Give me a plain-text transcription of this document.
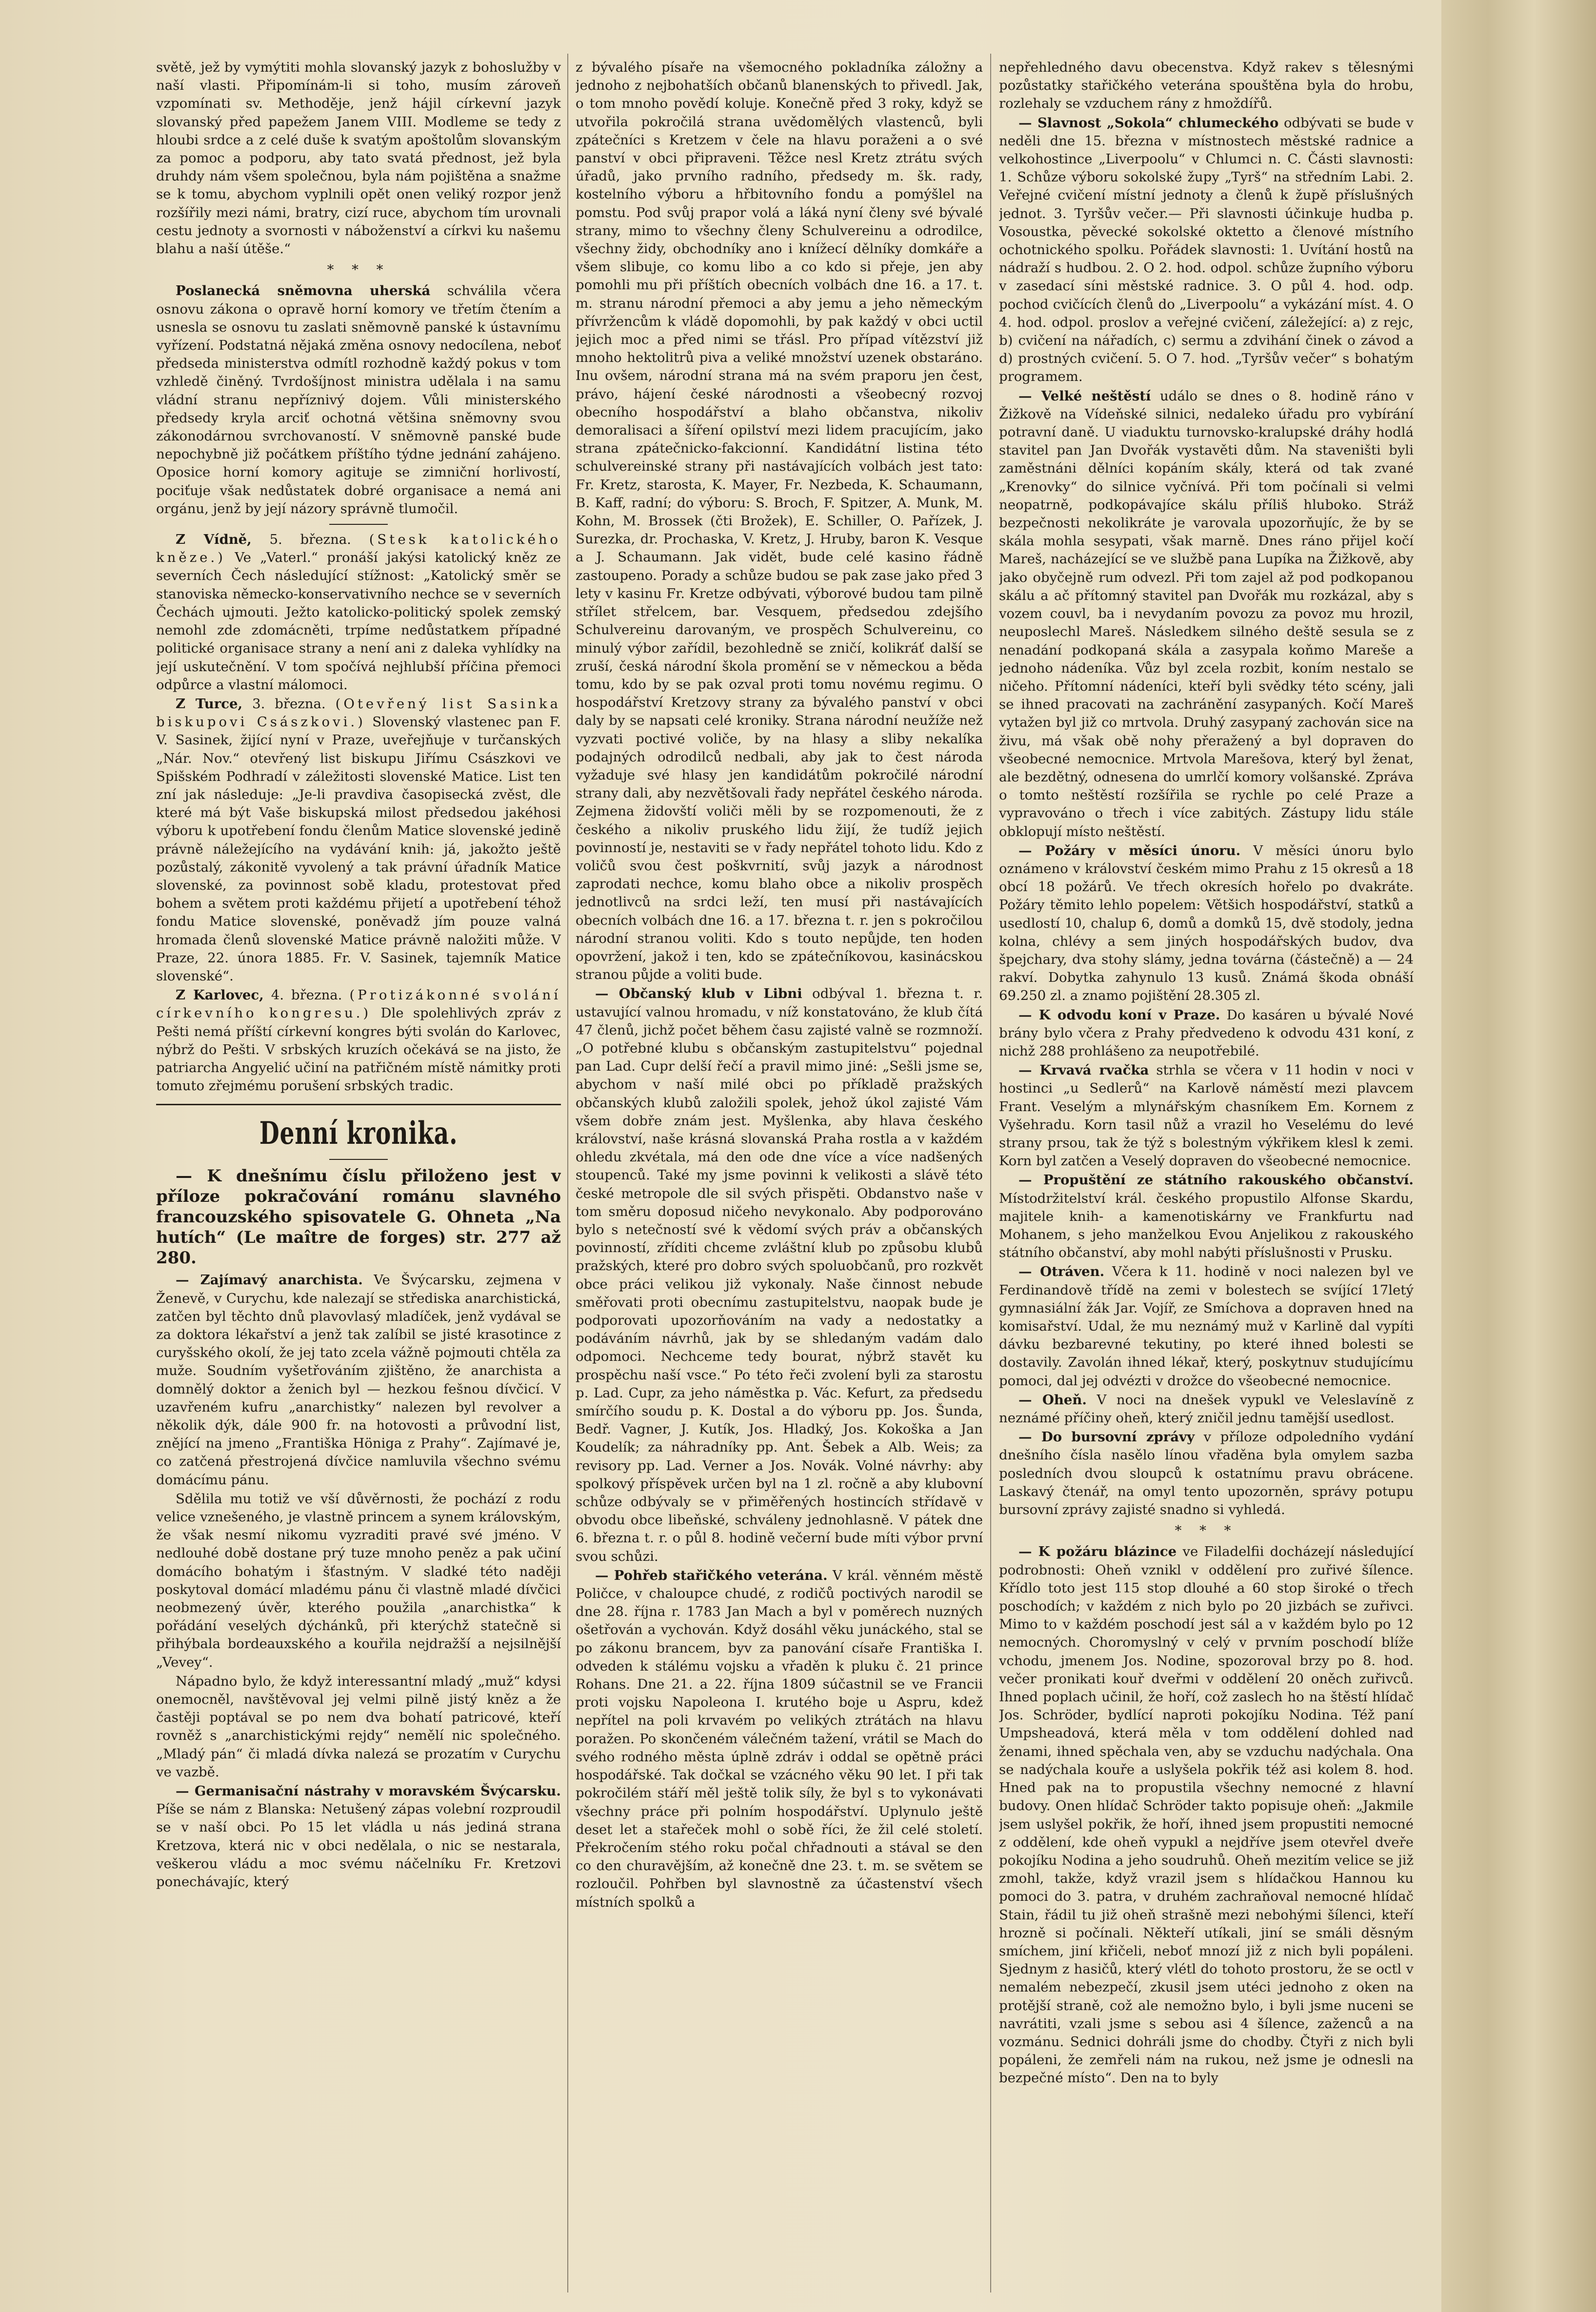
světě, jež by vymýtiti mohla slovanský jazyk z bohoslužby v naší vlasti. Připomínám-li si toho, musím zároveň vzpomínati sv. Methoděje, jenž hájil církevní jazyk slovanský před papežem Janem VIII. Modleme se tedy z hloubi srdce a z celé duše k svatým apoštolům slovanským za pomoc a podporu, aby tato svatá přednost, jež byla druhdy nám všem společnou, byla nám pojištěna a snažme se k tomu, abychom vyplnili opět onen veliký rozpor jenž rozšířily mezi námi, bratry, cizí ruce, abychom tím urovnali cestu jednoty a svornosti v náboženství a církvi ku našemu blahu a naší útěše.“

* * *

Poslanecká sněmovna uherská schválila včera osnovu zákona o opravě horní komory ve třetím čtením a usnesla se osnovu tu zaslati sněmovně panské k ústavnímu vyřízení. Podstatná nějaká změna osnovy nedocílena, neboť předseda ministerstva odmítl rozhodně každý pokus v tom vzhledě činěný. Tvrdošíjnost ministra udělala i na samu vládní stranu nepříznivý dojem. Vůli ministerského předsedy kryla arciť ochotná většina sněmovny svou zákonodárnou svrchovaností. V sněmovně panské bude nepochybně již počátkem příštího týdne jednání zahájeno. Oposice horní komory agituje se zimniční horlivostí, pociťuje však nedůstatek dobré organisace a nemá ani orgánu, jenž by její názory správně tlumočil.

Z Vídně, 5. března. (Stesk katolického kněze.) Ve „Vaterl.“ pronáší jakýsi katolický kněz ze severních Čech následující stížnost: „Katolický směr se stanoviska německo-konservativního nechce se v severních Čechách ujmouti. Ježto katolicko-politický spolek zemský nemohl zde zdomácněti, trpíme nedůstatkem případné politické organisace strany a není ani z daleka vyhlídky na její uskutečnění. V tom spočívá nejhlubší příčina přemoci odpůrce a vlastní málomoci.

Z Turce, 3. března. (Otevřený list Sasinka biskupovi Császkovi.) Slovenský vlastenec pan F. V. Sasinek, žijící nyní v Praze, uveřejňuje v turčanských „Nár. Nov.“ otevřený list biskupu Jiřímu Császkovi ve Spišském Podhradí v záležitosti slovenské Matice. List ten zní jak následuje: „Je-li pravdiva časopisecká zvěst, dle které má být Vaše biskupská milost předsedou jakéhosi výboru k upotřebení fondu členům Matice slovenské jedině právně náležejícího na vydávání knih: já, jakožto ještě pozůstalý, zákonitě vyvolený a tak právní úřadník Matice slovenské, za povinnost sobě kladu, protestovat před bohem a světem proti každému přijetí a upotřebení téhož fondu Matice slovenské, poněvadž jím pouze valná hromada členů slovenské Matice právně naložiti může. V Praze, 22. února 1885. Fr. V. Sasinek, tajemník Matice slovenské“.

Z Karlovec, 4. března. (Protizákonné svolání církevního kongresu.) Dle spolehlivých zpráv z Pešti nemá příští církevní kongres býti svolán do Karlovec, nýbrž do Pešti. V srbských kruzích očekává se na jisto, že patriarcha Angyelić učiní na patřičném místě námitky proti tomuto zřejmému porušení srbských tradic.

Denní kronika.

— K dnešnímu číslu přiloženo jest v příloze pokračování románu slavného francouzského spisovatele G. Ohneta „Na hutích“ (Le maître de forges) str. 277 až 280.

— Zajímavý anarchista. Ve Švýcarsku, zejmena v Ženevě, v Curychu, kde nalezají se střediska anarchistická, zatčen byl těchto dnů plavovlasý mladíček, jenž vydával se za doktora lékařství a jenž tak zalíbil se jisté krasotince z curyšského okolí, že jej tato zcela vážně pojmouti chtěla za muže. Soudním vyšetřováním zjištěno, že anarchista a domnělý doktor a ženich byl — hezkou fešnou dívčicí. V uzavřeném kufru „anarchistky“ nalezen byl revolver a několik dýk, dále 900 fr. na hotovosti a průvodní list, znějící na jmeno „Františka Höniga z Prahy“. Zajímavé je, co zatčená přestrojená dívčice namluvila všechno svému domácímu pánu.

Sdělila mu totiž ve vší důvěrnosti, že pochází z rodu velice vznešeného, je vlastně princem a synem královským, že však nesmí nikomu vyzraditi pravé své jméno. V nedlouhé době dostane prý tuze mnoho peněz a pak učiní domácího bohatým i šťastným. V sladké této naději poskytoval domácí mladému pánu či vlastně mladé dívčici neobmezený úvěr, kterého použila „anarchistka“ k pořádání veselých dýchánků, při kterýchž statečně si přihýbala bordeauxského a kouřila nejdražší a nejsilnější „Vevey“.

Nápadno bylo, že když interessantní mladý „muž“ kdysi onemocněl, navštěvoval jej velmi pilně jistý kněz a že častěji poptával se po nem dva bohatí patricové, kteří rovněž s „anarchistickými rejdy“ nemělí nic společného. „Mladý pán“ či mladá dívka nalezá se prozatím v Curychu ve vazbě.

— Germanisační nástrahy v moravském Švýcarsku. Píše se nám z Blanska: Netušený zápas volební rozproudil se v naší obci. Po 15 let vládla u nás jediná strana Kretzova, která nic v obci nedělala, o nic se nestarala, veškerou vládu a moc svému náčelníku Fr. Kretzovi ponechávajíc, který

z bývalého písaře na všemocného pokladníka záložny a jednoho z nejbohatších občanů blanenských to přivedl. Jak, o tom mnoho povědí koluje. Konečně před 3 roky, když se utvořila pokročilá strana uvědomělých vlastenců, byli zpátečníci s Kretzem v čele na hlavu poraženi a o své panství v obci připraveni. Těžce nesl Kretz ztrátu svých úřadů, jako prvního radního, předsedy m. šk. rady, kostelního výboru a hřbitovního fondu a pomýšlel na pomstu. Pod svůj prapor volá a láká nyní členy své bývalé strany, mimo to všechny členy Schulvereinu a odrodilce, všechny židy, obchodníky ano i knížecí dělníky domkáře a všem slibuje, co komu libo a co kdo si přeje, jen aby pomohli mu při příštích obecních volbách dne 16. a 17. t. m. stranu národní přemoci a aby jemu a jeho německým přívržencům k vládě dopomohli, by pak každý v obci uctil jejich moc a před nimi se třásl. Pro případ vítězství již mnoho hektolitrů piva a veliké množství uzenek obstaráno. Inu ovšem, národní strana má na svém praporu jen čest, právo, hájení české národnosti a všeobecný rozvoj obecního hospodářství a blaho občanstva, nikoliv demoralisaci a šíření opilství mezi lidem pracujícím, jako strana zpátečnicko-fakcionní. Kandidátní listina této schulvereinské strany při nastávajících volbách jest tato: Fr. Kretz, starosta, K. Mayer, Fr. Nezbeda, K. Schaumann, B. Kaff, radní; do výboru: S. Broch, F. Spitzer, A. Munk, M. Kohn, M. Brossek (čti Brožek), E. Schiller, O. Pařízek, J. Surezka, dr. Prochaska, V. Kretz, J. Hruby, baron K. Vesque a J. Schaumann. Jak vidět, bude celé kasino řádně zastoupeno. Porady a schůze budou se pak zase jako před 3 lety v kasinu Fr. Kretze odbývati, výborové budou tam pilně střílet střelcem, bar. Vesquem, předsedou zdejšího Schulvereinu darovaným, ve prospěch Schulvereinu, co minulý výbor zařídil, bezohledně se zničí, kolikráť další se zruší, česká národní škola promění se v německou a běda tomu, kdo by se pak ozval proti tomu novému regimu. O hospodářství Kretzovy strany za bývalého panství v obci daly by se napsati celé kroniky. Strana národní neužíže než vyzvati poctivé voliče, by na hlasy a sliby nekalíka podajných odrodilců nedbali, aby jak to čest národa vyžaduje své hlasy jen kandidátům pokročilé národní strany dali, aby nezvětšovali řady nepřátel českého národa. Zejmena židovští voliči měli by se rozpomenouti, že z českého a nikoliv pruského lidu žijí, že tudíž jejich povinností je, nestaviti se v řady nepřátel tohoto lidu. Kdo z voličů svou čest poškvrnití, svůj jazyk a národnost zaprodati nechce, komu blaho obce a nikoliv prospěch jednotlivců na srdci leží, ten musí při nastávajících obecních volbách dne 16. a 17. března t. r. jen s pokročilou národní stranou voliti. Kdo s touto nepůjde, ten hoden opovržení, jakož i ten, kdo se zpátečníkovou, kasinácskou stranou půjde a voliti bude.

— Občanský klub v Libni odbýval 1. března t. r. ustavující valnou hromadu, v níž konstatováno, že klub čítá 47 členů, jichž počet během času zajisté valně se rozmnoží. „O potřebné klubu s občanským zastupitelstvu“ pojednal pan Lad. Cupr delší řečí a pravil mimo jiné: „Sešli jsme se, abychom v naší milé obci po příkladě pražských občanských klubů založili spolek, jehož úkol zajisté Vám všem dobře znám jest. Myšlenka, aby hlava českého království, naše krásná slovanská Praha rostla a v každém ohledu zkvétala, má den ode dne více a více nadšených stoupenců. Také my jsme povinni k velikosti a slávě této české metropole dle sil svých přispěti. Obdanstvo naše v tom směru doposud ničeho nevykonalo. Aby podporováno bylo s netečností své k vědomí svých práv a občanských povinností, zříditi chceme zvláštní klub po způsobu klubů pražských, které pro dobro svých spoluobčanů, pro rozkvět obce práci velikou již vykonaly. Naše činnost nebude směřovati proti obecnímu zastupitelstvu, naopak bude je podporovati upozorňováním na vady a nedostatky a podáváním návrhů, jak by se shledaným vadám dalo odpomoci. Nechceme tedy bourat, nýbrž stavět ku prospěchu naší vsce.“ Po této řeči zvolení byli za starostu p. Lad. Cupr, za jeho náměstka p. Vác. Kefurt, za předsedu smírčího soudu p. K. Dostal a do výboru pp. Jos. Šunda, Bedř. Vagner, J. Kutík, Jos. Hladký, Jos. Kokoška a Jan Koudelík; za náhradníky pp. Ant. Šebek a Alb. Weis; za revisory pp. Lad. Verner a Jos. Novák. Volné návrhy: aby spolkový příspěvek určen byl na 1 zl. ročně a aby klubovní schůze odbývaly se v přiměřených hostincích střídavě v obvodu obce libeňské, schváleny jednohlasně. V pátek dne 6. března t. r. o půl 8. hodině večerní bude míti výbor první svou schůzi.

— Pohřeb stařičkého veterána. V král. věnném městě Poličce, v chaloupce chudé, z rodičů poctivých narodil se dne 28. října r. 1783 Jan Mach a byl v poměrech nuzných ošetřován a vychován. Když dosáhl věku junáckého, stal se po zákonu brancem, byv za panování císaře Františka I. odveden k stálému vojsku a vřaděn k pluku č. 21 prince Rohans. Dne 21. a 22. října 1809 súčastnil se ve Francii proti vojsku Napoleona I. krutého boje u Aspru, kdež nepřítel na poli krvavém po velikých ztrátách na hlavu poražen. Po skončeném válečném tažení, vrátil se Mach do svého rodného města úplně zdráv i oddal se opětně práci hospodářské. Tak dočkal se vzácného věku 90 let. I při tak pokročilém stáří měl ještě tolik síly, že byl s to vykonávati všechny práce při polním hospodářství. Uplynulo ještě deset let a stařeček mohl o sobě říci, že žil celé století. Překročením stého roku počal chřadnouti a stával se den co den churavějším, až konečně dne 23. t. m. se světem se rozloučil. Pohřben byl slavnostně za účastenství všech místních spolků a

nepřehledného davu obecenstva. Když rakev s tělesnými pozůstatky stařičkého veterána spouštěna byla do hrobu, rozlehaly se vzduchem rány z hmoždířů.

— Slavnost „Sokola“ chlumeckého odbývati se bude v neděli dne 15. března v místnostech městské radnice a velkohostince „Liverpoolu“ v Chlumci n. C. Části slavnosti: 1. Schůze výboru sokolské župy „Tyrš“ na středním Labi. 2. Veřejné cvičení místní jednoty a členů k župě příslušných jednot. 3. Tyršův večer.— Při slavnosti účinkuje hudba p. Vosoustka, pěvecké sokolské oktetto a členové místního ochotnického spolku. Pořádek slavnosti: 1. Uvítání hostů na nádraží s hudbou. 2. O 2. hod. odpol. schůze župního výboru v zasedací síni městské radnice. 3. O půl 4. hod. odp. pochod cvičících členů do „Liverpoolu“ a vykázání míst. 4. O 4. hod. odpol. proslov a veřejné cvičení, záležející: a) z rejc, b) cvičení na nářadích, c) sermu a zdvihání činek o závod a d) prostných cvičení. 5. O 7. hod. „Tyršův večer“ s bohatým programem.

— Velké neštěstí událo se dnes o 8. hodině ráno v Žižkově na Vídeňské silnici, nedaleko úřadu pro vybírání potravní daně. U viaduktu turnovsko-kralupské dráhy hodlá stavitel pan Jan Dvořák vystavěti dům. Na staveništi byli zaměstnáni dělníci kopáním skály, která od tak zvané „Krenovky“ do silnice vyčnívá. Při tom počínali si velmi neopatrně, podkopávajíce skálu příliš hluboko. Stráž bezpečnosti nekolikráte je varovala upozorňujíc, že by se skála mohla sesypati, však marně. Dnes ráno přijel kočí Mareš, nacházející se ve službě pana Lupíka na Žižkově, aby jako obyčejně rum odvezl. Při tom zajel až pod podkopanou skálu a ač přítomný stavitel pan Dvořák mu rozkázal, aby s vozem couvl, ba i nevydaním povozu za povoz mu hrozil, neuposlechl Mareš. Následkem silného deště sesula se z nenadání podkopaná skála a zasypala koňmo Mareše a jednoho nádeníka. Vůz byl zcela rozbit, koním nestalo se ničeho. Přítomní nádeníci, kteří byli svědky této scény, jali se ihned pracovati na zachránění zasypaných. Kočí Mareš vytažen byl již co mrtvola. Druhý zasypaný zachován sice na živu, má však obě nohy přeražený a byl dopraven do všeobecné nemocnice. Mrtvola Marešova, který byl ženat, ale bezdětný, odnesena do umrlčí komory volšanské. Zpráva o tomto neštěstí rozšířila se rychle po celé Praze a vypravováno o třech i více zabitých. Zástupy lidu stále obklopují místo neštěstí.

— Požáry v měsíci únoru. V měsíci únoru bylo oznámeno v království českém mimo Prahu z 15 okresů a 18 obcí 18 požárů. Ve třech okresích hořelo po dvakráte. Požáry těmito lehlo popelem: Většich hospodářství, statků a usedlostí 10, chalup 6, domů a domků 15, dvě stodoly, jedna kolna, chlévy a sem jiných hospodářských budov, dva špejchary, dva stohy slámy, jedna továrna (částečně) a — 24 rakví. Dobytka zahynulo 13 kusů. Známá škoda obnáší 69.250 zl. a znamo pojištění 28.305 zl.

— K odvodu koní v Praze. Do kasáren u bývalé Nové brány bylo včera z Prahy předvedeno k odvodu 431 koní, z nichž 288 prohlášeno za neupotřebilé.

— Krvavá rvačka strhla se včera v 11 hodin v noci v hostinci „u Sedlerů“ na Karlově náměstí mezi plavcem Frant. Veselým a mlynářským chasníkem Em. Kornem z Vyšehradu. Korn tasil nůž a vrazil ho Veselému do levé strany prsou, tak že týž s bolestným výkřikem klesl k zemi. Korn byl zatčen a Veselý dopraven do všeobecné nemocnice.

— Propuštění ze státního rakouského občanství. Místodržitelství král. českého propustilo Alfonse Skardu, majitele knih- a kamenotiskárny ve Frankfurtu nad Mohanem, s jeho manželkou Evou Anjelikou z rakouského státního občanství, aby mohl nabýti příslušnosti v Prusku.

— Otráven. Včera k 11. hodině v noci nalezen byl ve Ferdinandově třídě na zemi v bolestech se svíjící 17letý gymnasiální žák Jar. Vojíř, ze Smíchova a dopraven hned na komisařství. Udal, že mu neznámý muž v Karlině dal vypíti dávku bezbarevné tekutiny, po které ihned bolesti se dostavily. Zavolán ihned lékař, který, poskytnuv studujícímu pomoci, dal jej odvézti v drožce do všeobecné nemocnice.

— Oheň. V noci na dnešek vypukl ve Veleslavíně z neznámé příčiny oheň, který zničil jednu tamější usedlost.

— Do bursovní zprávy v příloze odpoledního vydání dnešního čísla nasělo línou vřaděna byla omylem sazba posledních dvou sloupců k ostatnímu pravu obrácene. Laskavý čtenář, na omyl tento upozorněn, správy potupu bursovní zprávy zajisté snadno si vyhledá.

* * *

— K požáru blázince ve Filadelfii docházejí následující podrobnosti: Oheň vznikl v oddělení pro zuřivé šílence. Křídlo toto jest 115 stop dlouhé a 60 stop široké o třech poschodích; v každém z nich bylo po 20 jizbách se zuřivci. Mimo to v každém poschodí jest sál a v každém bylo po 12 nemocných. Choromyslný v celý v prvním poschodí blíže vchodu, jmenem Jos. Nodine, spozoroval brzy po 8. hod. večer pronikati kouř dveřmi v oddělení 20 oněch zuřivců. Ihned poplach učinil, že hoří, což zaslech ho na štěstí hlídač Jos. Schröder, bydlící naproti pokojíku Nodina. Též paní Umpsheadová, která měla v tom oddělení dohled nad ženami, ihned spěchala ven, aby se vzduchu nadýchala. Ona se nadýchala kouře a uslyšela pokřik též asi kolem 8. hod. Hned pak na to propustila všechny nemocné z hlavní budovy. Onen hlídač Schröder takto popisuje oheň: „Jakmile jsem uslyšel pokřik, že hoří, ihned jsem propustiti nemocné z oddělení, kde oheň vypukl a nejdříve jsem otevřel dveře pokojíku Nodina a jeho soudruhů. Oheň mezitím velice se již zmohl, takže, když vrazil jsem s hlídačkou Hannou ku pomoci do 3. patra, v druhém zachraňoval nemocné hlídač Stain, řádil tu již oheň strašně mezi nebohými šílenci, kteří hrozně si počínali. Někteří utíkali, jiní se smáli děsným smíchem, jiní křičeli, neboť mnozí již z nich byli popáleni. Sjednym z hasičů, který vlétl do tohoto prostoru, že se octl v nemalém nebezpečí, zkusil jsem utéci jednoho z oken na protější straně, což ale nemožno bylo, i byli jsme nuceni se navrátiti, vzali jsme s sebou asi 4 šílence, zaženců a na vozmánu. Sednici dohráli jsme do chodby. Čtyři z nich byli popáleni, že zemřeli nám na rukou, než jsme je odnesli na bezpečné místo“. Den na to byly
